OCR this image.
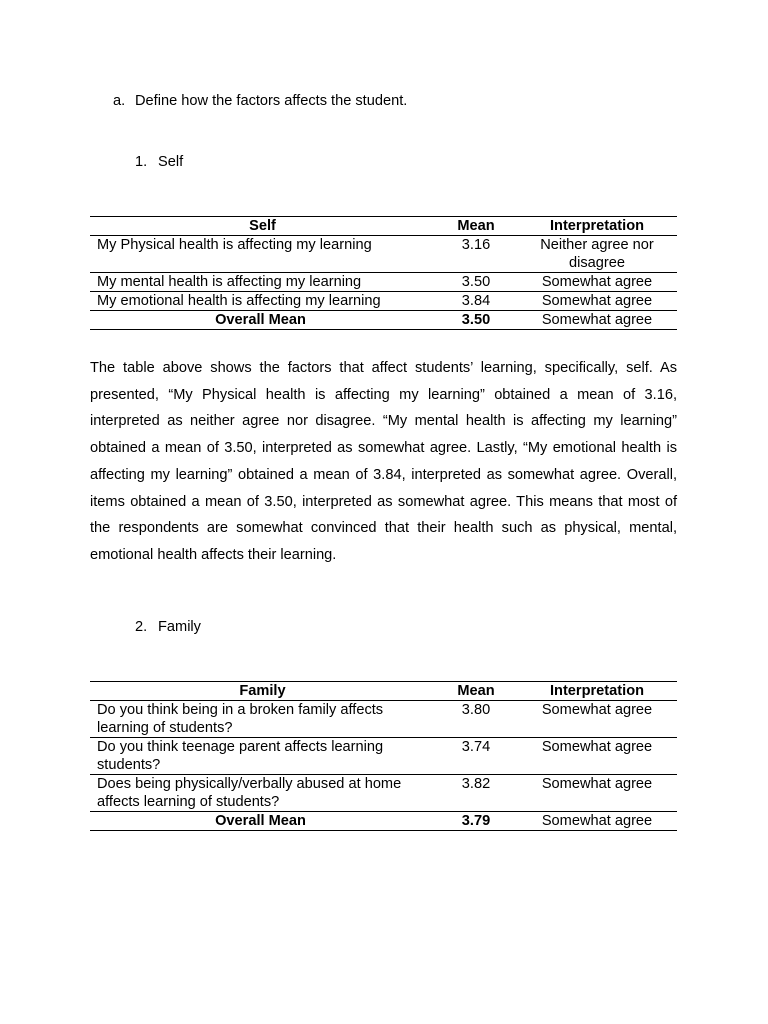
a. Define how the factors affects the student.
1. Self
Self	Mean	Interpretation
My Physical health is affecting my learning	3.16	Neither agree nor disagree
My mental health is affecting my learning	3.50	Somewhat agree
My emotional health is affecting my learning	3.84	Somewhat agree
Overall Mean	3.50	Somewhat agree

The table above shows the factors that affect students’ learning, specifically, self. As presented, “My Physical health is affecting my learning” obtained a mean of 3.16, interpreted as neither agree nor disagree. “My mental health is affecting my learning” obtained a mean of 3.50, interpreted as somewhat agree. Lastly, “My emotional health is affecting my learning” obtained a mean of 3.84, interpreted as somewhat agree. Overall, items obtained a mean of 3.50, interpreted as somewhat agree. This means that most of the respondents are somewhat convinced that their health such as physical, mental, emotional health affects their learning.

2. Family
Family	Mean	Interpretation
Do you think being in a broken family affects learning of students?	3.80	Somewhat agree
Do you think teenage parent affects learning students?	3.74	Somewhat agree
Does being physically/verbally abused at home affects learning of students?	3.82	Somewhat agree
Overall Mean	3.79	Somewhat agree
